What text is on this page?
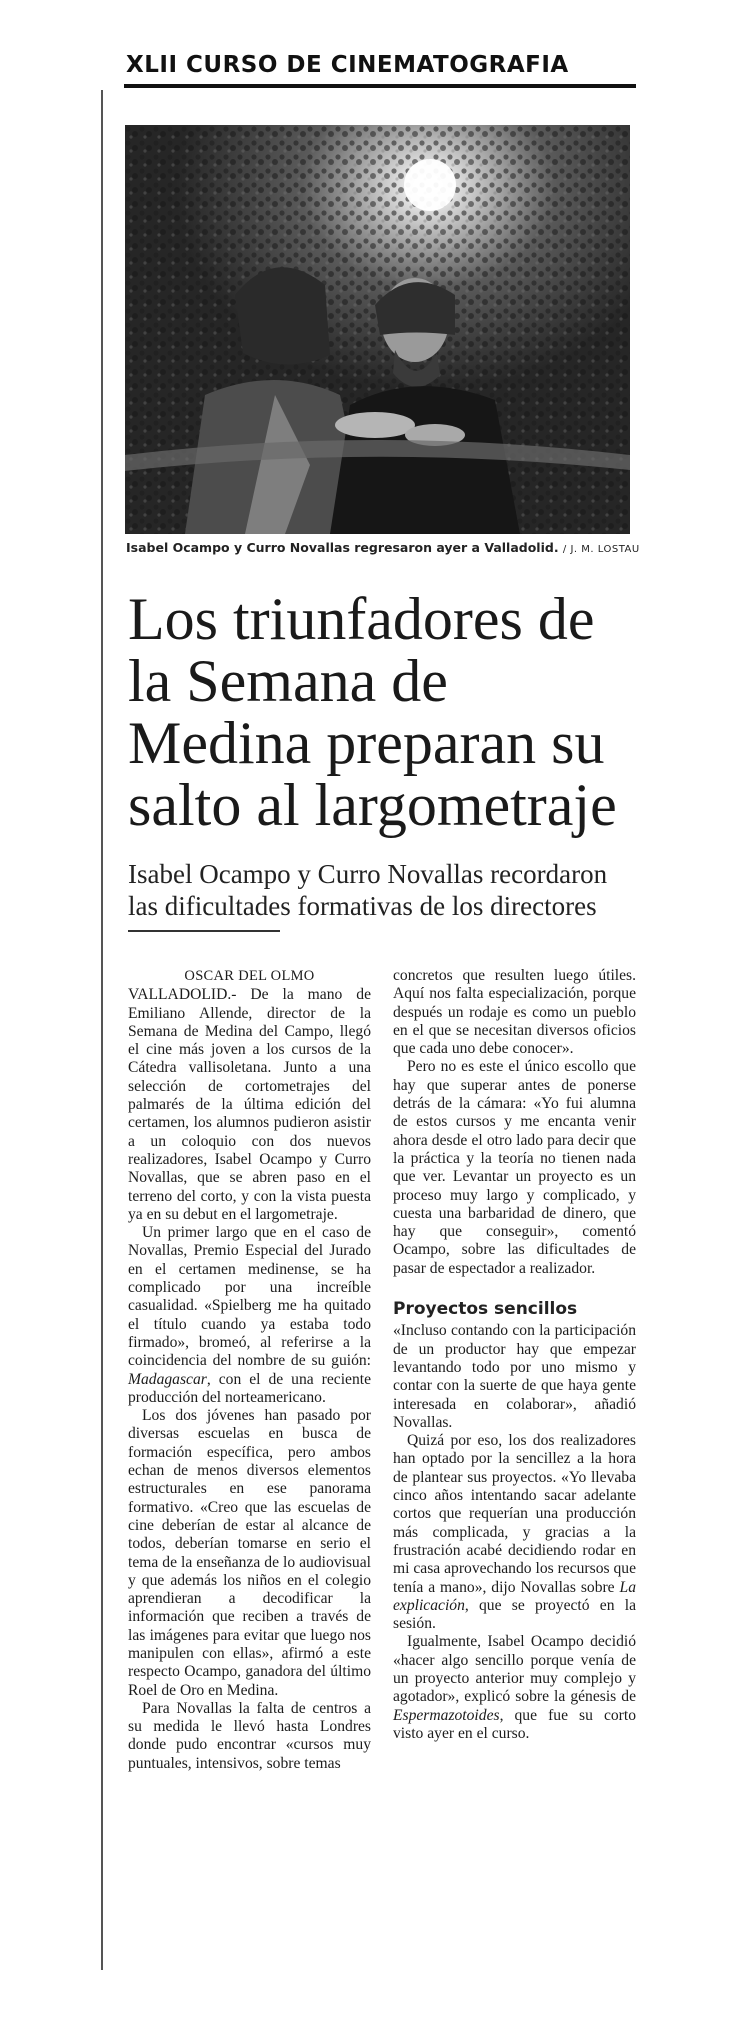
XLII CURSO DE CINEMATOGRAFIA
Isabel Ocampo y Curro Novallas regresaron ayer a Valladolid. / J. M. LOSTAU
Los triunfadores de
la Semana de
Medina preparan su
salto al largometraje
Isabel Ocampo y Curro Novallas recordaron
las dificultades formativas de los directores
OSCAR DEL OLMO

VALLADOLID.- De la mano de Emiliano Allende, director de la Semana de Medina del Campo, llegó el cine más joven a los cursos de la Cátedra vallisoletana. Junto a una selección de cortometrajes del palmarés de la última edición del certamen, los alumnos pudieron asistir a un coloquio con dos nuevos realizadores, Isabel Ocampo y Curro Novallas, que se abren paso en el terreno del corto, y con la vista puesta ya en su debut en el largometraje.

Un primer largo que en el caso de Novallas, Premio Especial del Jurado en el certamen medinense, se ha complicado por una increíble casualidad. «Spielberg me ha quitado el título cuando ya estaba todo firmado», bromeó, al referirse a la coincidencia del nombre de su guión: Madagascar, con el de una reciente producción del norteamericano.

Los dos jóvenes han pasado por diversas escuelas en busca de formación específica, pero ambos echan de menos diversos elementos estructurales en ese panorama formativo. «Creo que las escuelas de cine deberían de estar al alcance de todos, deberían tomarse en serio el tema de la enseñanza de lo audiovisual y que además los niños en el colegio aprendieran a decodificar la información que reciben a través de las imágenes para evitar que luego nos manipulen con ellas», afirmó a este respecto Ocampo, ganadora del último Roel de Oro en Medina.

Para Novallas la falta de centros a su medida le llevó hasta Londres donde pudo encontrar «cursos muy puntuales, intensivos, sobre temas

concretos que resulten luego útiles. Aquí nos falta especialización, porque después un rodaje es como un pueblo en el que se necesitan diversos oficios que cada uno debe conocer».

Pero no es este el único escollo que hay que superar antes de ponerse detrás de la cámara: «Yo fui alumna de estos cursos y me encanta venir ahora desde el otro lado para decir que la práctica y la teoría no tienen nada que ver. Levantar un proyecto es un proceso muy largo y complicado, y cuesta una barbaridad de dinero, que hay que conseguir», comentó Ocampo, sobre las dificultades de pasar de espectador a realizador.

Proyectos sencillos

«Incluso contando con la participación de un productor hay que empezar levantando todo por uno mismo y contar con la suerte de que haya gente interesada en colaborar», añadió Novallas.

Quizá por eso, los dos realizadores han optado por la sencillez a la hora de plantear sus proyectos. «Yo llevaba cinco años intentando sacar adelante cortos que requerían una producción más complicada, y gracias a la frustración acabé decidiendo rodar en mi casa aprovechando los recursos que tenía a mano», dijo Novallas sobre La explicación, que se proyectó en la sesión.

Igualmente, Isabel Ocampo decidió «hacer algo sencillo porque venía de un proyecto anterior muy complejo y agotador», explicó sobre la génesis de Espermazotoides, que fue su corto visto ayer en el curso.
